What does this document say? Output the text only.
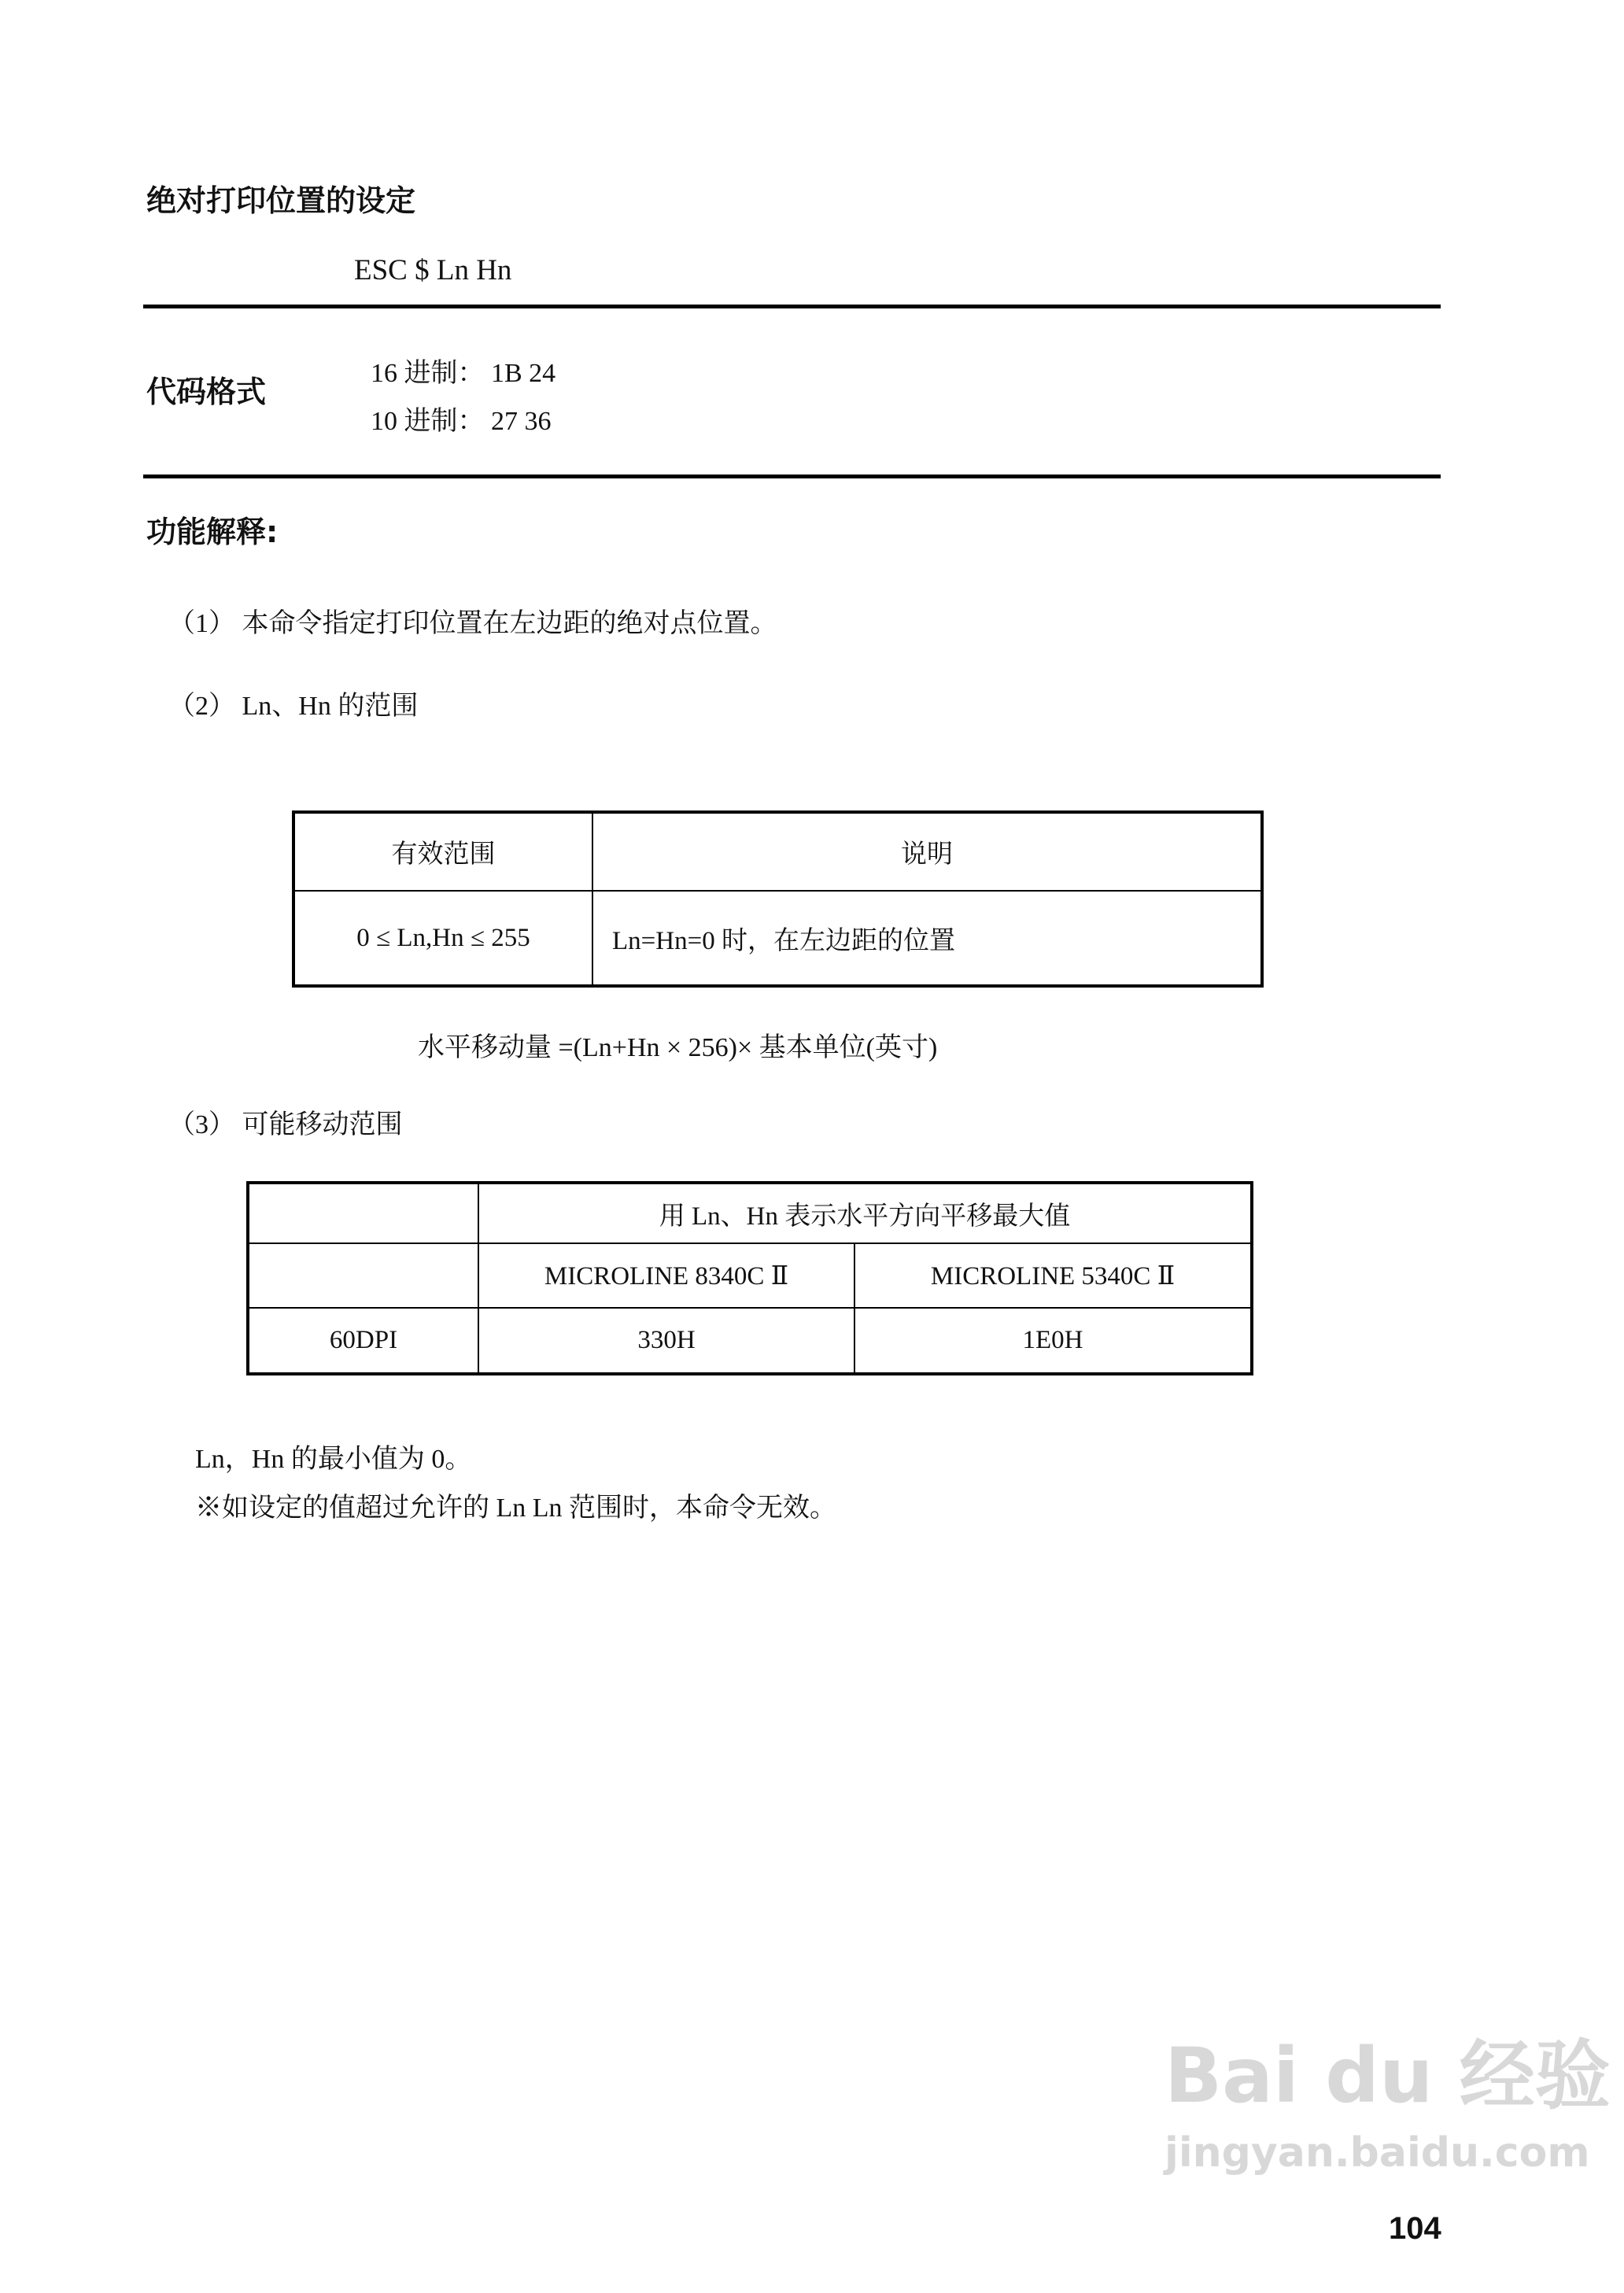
绝对打印位置的设定
ESC $ Ln Hn
代码格式
16 进制： 1B 24
10 进制： 27 36
功能解释:
（1） 本命令指定打印位置在左边距的绝对点位置。
（2） Ln、Hn 的范围
有效范围	说明
0 ≤ Ln,Hn ≤ 255	Ln=Hn=0 时，在左边距的位置
水平移动量 =(Ln+Hn × 256)× 基本单位(英寸)
（3） 可能移动范围
	用 Ln、Hn 表示水平方向平移最大值	
	MICROLINE 8340C Ⅱ	MICROLINE 5340C Ⅱ
60DPI	330H	1E0H
Ln，Hn 的最小值为 0。
※如设定的值超过允许的 Ln Ln 范围时，本命令无效。
Bai du 经验
jingyan.baidu.com
104
